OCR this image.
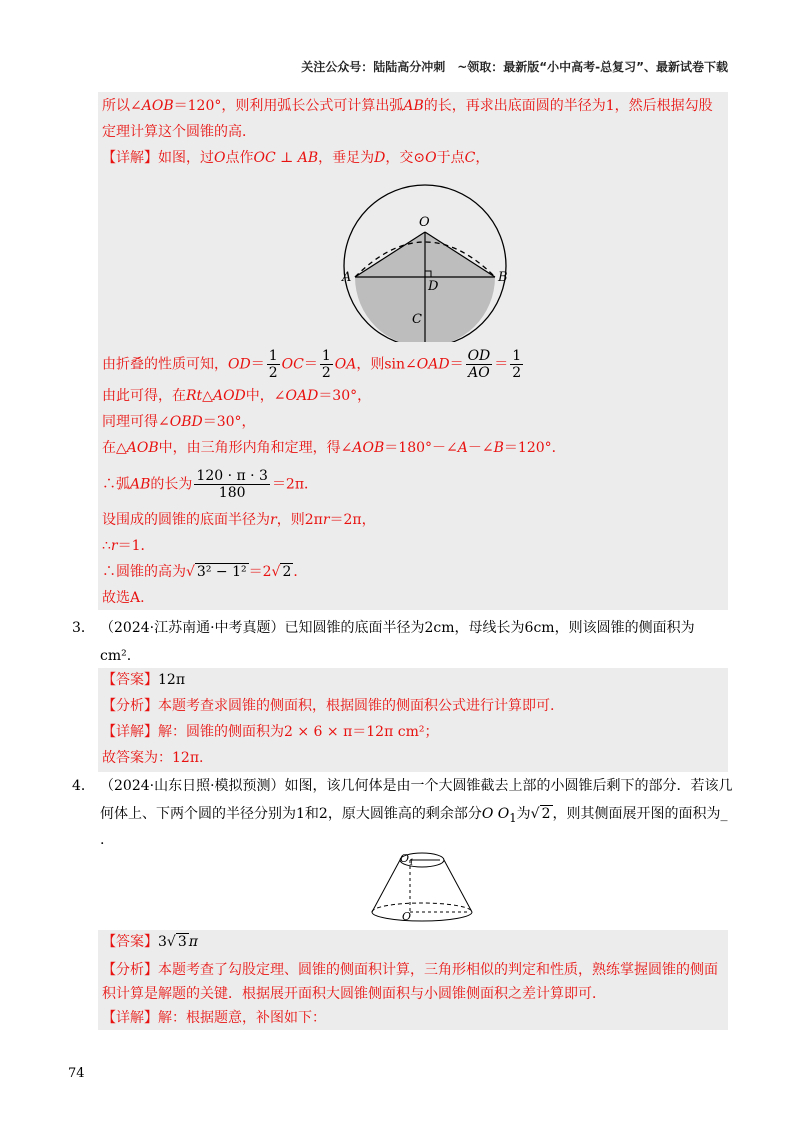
关注公众号：陆陆高分冲刺　~领取：最新版“小中高考-总复习”、最新试卷下载
所以∠AOB＝120°，则利用弧长公式可计算出弧AB的长，再求出底面圆的半径为1，然后根据勾股
定理计算这个圆锥的高．
【详解】如图，过O点作OC ⊥ AB，垂足为D，交⊙O于点C，
O
A	B
D
C
由折叠的性质可知，$OD= \frac{1}{2} OC= \frac{1}{2}$ OA，则sin∠OAD＝ $\frac{OD}{AO} = \frac{1}{2}$
由此可得，在Rt△AOD中，∠OAD＝30°，
同理可得∠OBD＝30°，
在△AOB中，由三角形内角和定理，得∠AOB＝180°－∠A－∠B＝120°．
∴弧AB的长为 $\frac{120 \cdot \pi \cdot 3}{180} =2\pi$．
设围成的圆锥的底面半径为r，则2πr＝2π，
∴r＝1．
∴圆锥的高为√ 3² − 1² ＝2√ 2 ．
故选A.
3． （2024·江苏南通·中考真题）已知圆锥的底面半径为2cm，母线长为6cm，则该圆锥的侧面积为
cm².
【答案】12π
【分析】本题考查求圆锥的侧面积，根据圆锥的侧面积公式进行计算即可.
【详解】解：圆锥的侧面积为2 × 6 × π＝12π cm²；
故答案为：12π.
4． （2024·山东日照·模拟预测）如图，该几何体是由一个大圆锥截去上部的小圆锥后剩下的部分．若该几
何体上、下两个圆的半径分别为1和2，原大圆锥高的剩余部分O $O_1$为√ 2 ，则其侧面展开图的面积为_
.
$O_1$
O
【答案】3√ 3 π
【分析】本题考查了勾股定理、圆锥的侧面积计算，三角形相似的判定和性质，熟练掌握圆锥的侧面
积计算是解题的关键．根据展开面积大圆锥侧面积与小圆锥侧面积之差计算即可．
【详解】解：根据题意，补图如下：
74
